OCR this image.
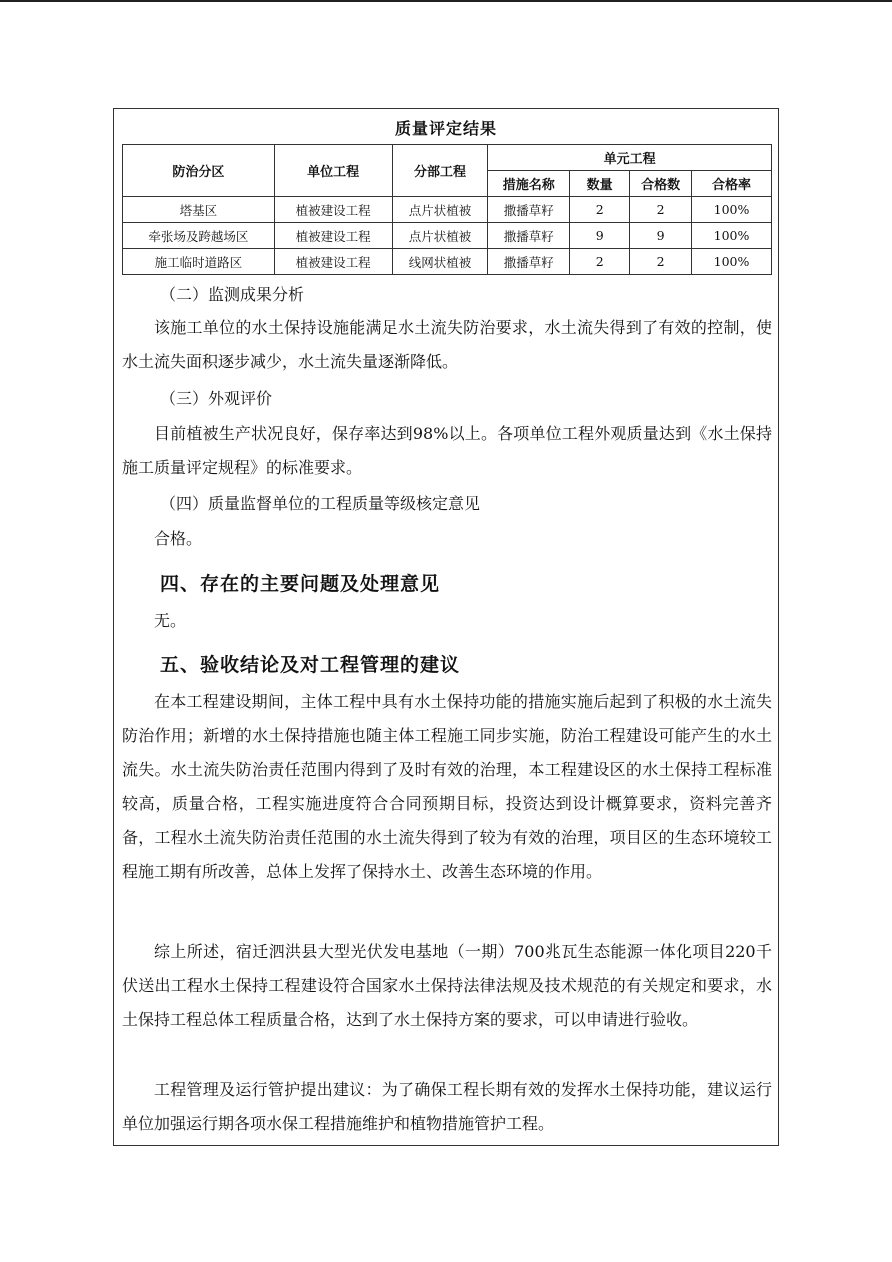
质量评定结果
防治分区	单位工程	分部工程	单元工程			
			措施名称	数量	合格数	合格率
塔基区	植被建设工程	点片状植被	撒播草籽	2	2	100%
牵张场及跨越场区	植被建设工程	点片状植被	撒播草籽	9	9	100%
施工临时道路区	植被建设工程	线网状植被	撒播草籽	2	2	100%
（二）监测成果分析

该施工单位的水土保持设施能满足水土流失防治要求，水土流失得到了有效的控制，使水土流失面积逐步减少，水土流失量逐渐降低。

（三）外观评价

目前植被生产状况良好，保存率达到98%以上。各项单位工程外观质量达到《水土保持施工质量评定规程》的标准要求。

（四）质量监督单位的工程质量等级核定意见

合格。

四、存在的主要问题及处理意见

无。

五、验收结论及对工程管理的建议

在本工程建设期间，主体工程中具有水土保持功能的措施实施后起到了积极的水土流失防治作用；新增的水土保持措施也随主体工程施工同步实施，防治工程建设可能产生的水土流失。水土流失防治责任范围内得到了及时有效的治理，本工程建设区的水土保持工程标准较高，质量合格，工程实施进度符合合同预期目标，投资达到设计概算要求，资料完善齐备，工程水土流失防治责任范围的水土流失得到了较为有效的治理，项目区的生态环境较工程施工期有所改善，总体上发挥了保持水土、改善生态环境的作用。

综上所述，宿迁泗洪县大型光伏发电基地（一期）700兆瓦生态能源一体化项目220千伏送出工程水土保持工程建设符合国家水土保持法律法规及技术规范的有关规定和要求，水土保持工程总体工程质量合格，达到了水土保持方案的要求，可以申请进行验收。

工程管理及运行管护提出建议：为了确保工程长期有效的发挥水土保持功能，建议运行单位加强运行期各项水保工程措施维护和植物措施管护工程。
